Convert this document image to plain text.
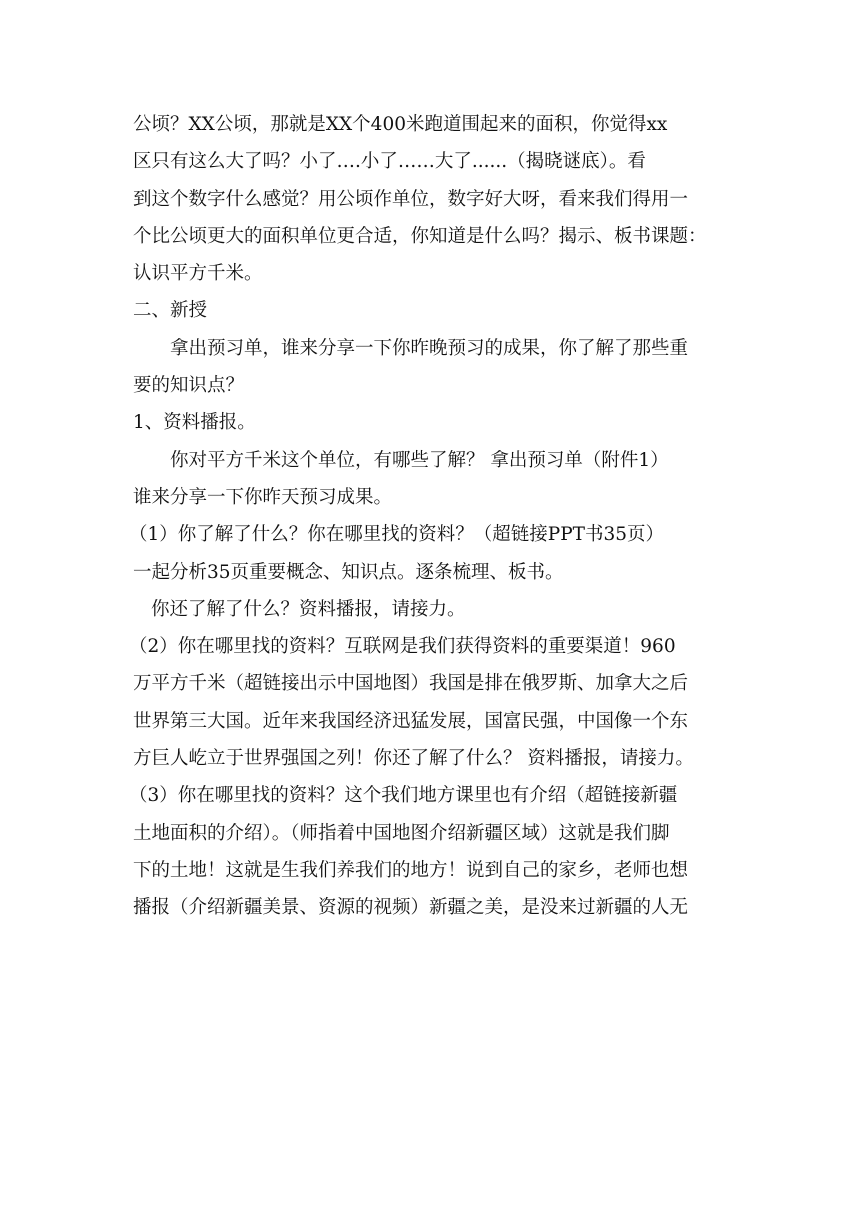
公顷？XX公顷，那就是XX个400米跑道围起来的面积，你觉得xx
区只有这么大了吗？小了….小了……大了......（揭晓谜底）。看
到这个数字什么感觉？用公顷作单位，数字好大呀，看来我们得用一
个比公顷更大的面积单位更合适，你知道是什么吗？揭示、板书课题：
认识平方千米。
二、新授
拿出预习单，谁来分享一下你昨晚预习的成果，你了解了那些重
要的知识点？
1、资料播报。
你对平方千米这个单位，有哪些了解？ 拿出预习单（附件1）
谁来分享一下你昨天预习成果。
（1）你了解了什么？你在哪里找的资料？（超链接PPT书35页）
一起分析35页重要概念、知识点。逐条梳理、板书。
你还了解了什么？资料播报，请接力。
（2）你在哪里找的资料？互联网是我们获得资料的重要渠道！960
万平方千米（超链接出示中国地图）我国是排在俄罗斯、加拿大之后
世界第三大国。近年来我国经济迅猛发展，国富民强，中国像一个东
方巨人屹立于世界强国之列！你还了解了什么？ 资料播报，请接力。
（3）你在哪里找的资料？这个我们地方课里也有介绍（超链接新疆
土地面积的介绍）。（师指着中国地图介绍新疆区域）这就是我们脚
下的土地！这就是生我们养我们的地方！说到自己的家乡，老师也想
播报（介绍新疆美景、资源的视频）新疆之美，是没来过新疆的人无
